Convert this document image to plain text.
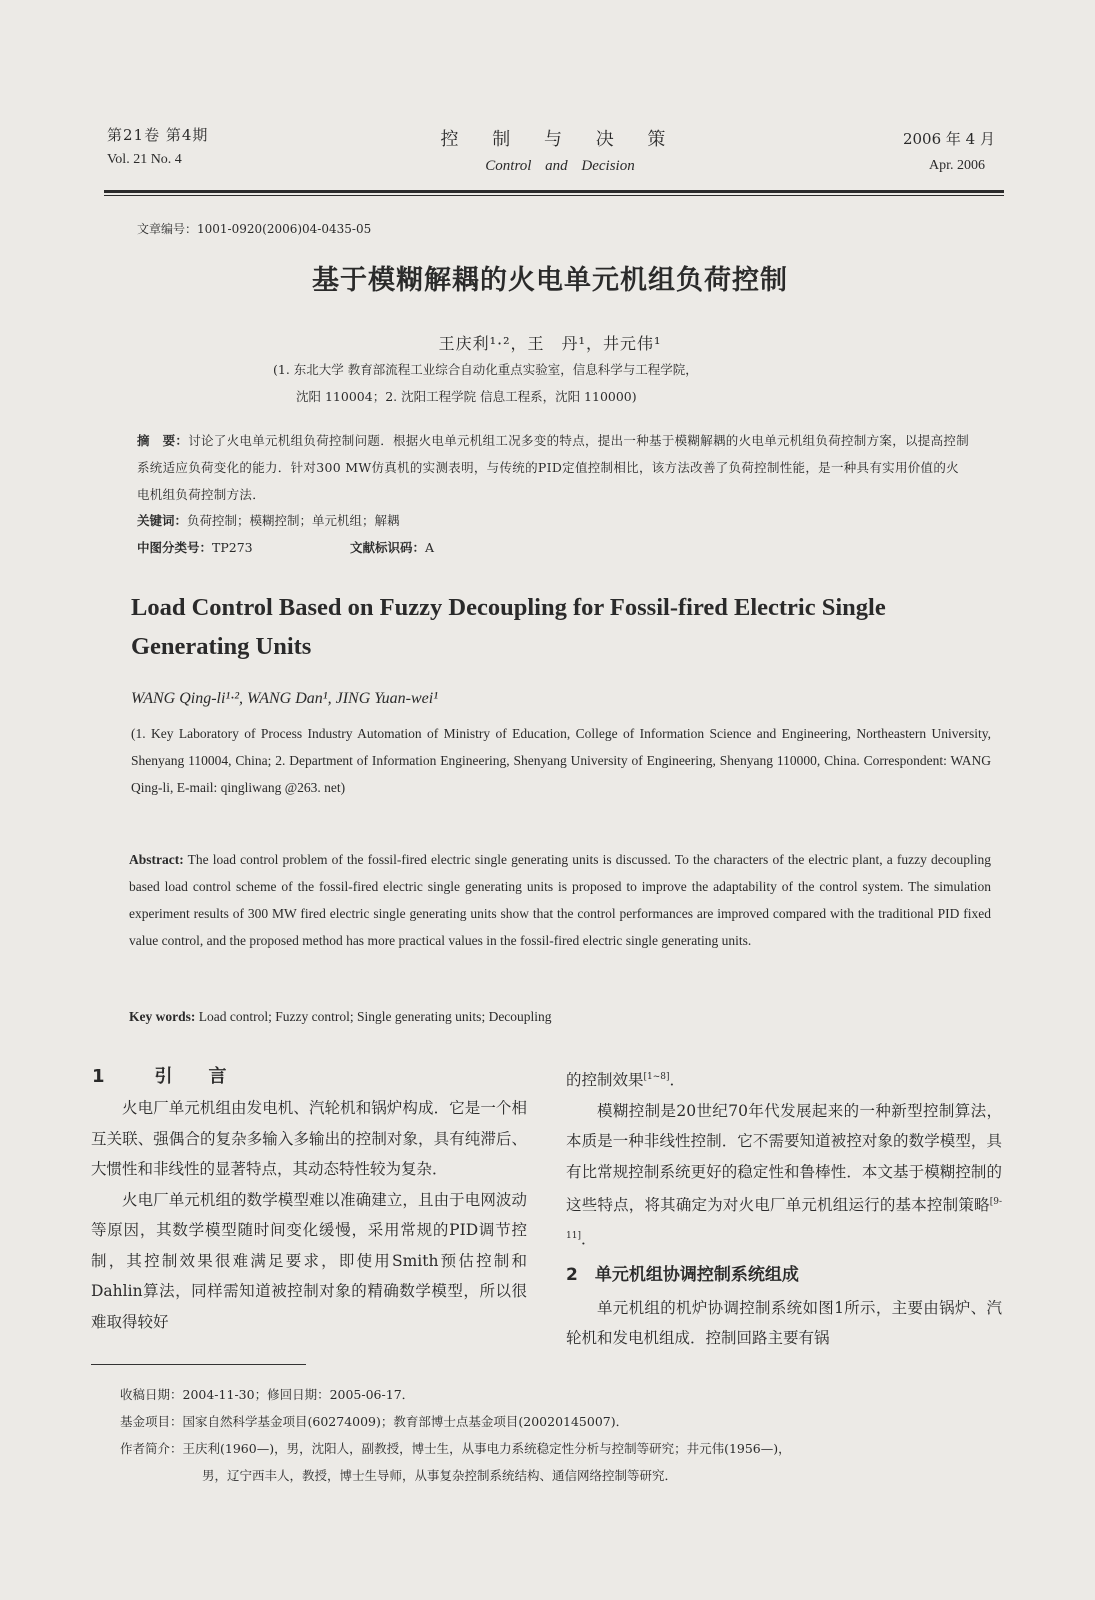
第21卷 第4期
Vol. 21 No. 4
控 制 与 决 策
Control and Decision
2006 年 4 月
Apr. 2006
文章编号：1001-0920(2006)04-0435-05
基于模糊解耦的火电单元机组负荷控制
王庆利¹·²，王　丹¹，井元伟¹
(1. 东北大学 教育部流程工业综合自动化重点实验室，信息科学与工程学院，
沈阳 110004；2. 沈阳工程学院 信息工程系，沈阳 110000)
摘　要：讨论了火电单元机组负荷控制问题．根据火电单元机组工况多变的特点，提出一种基于模糊解耦的火电单元机组负荷控制方案，以提高控制系统适应负荷变化的能力．针对300 MW仿真机的实测表明，与传统的PID定值控制相比，该方法改善了负荷控制性能，是一种具有实用价值的火电机组负荷控制方法．
关键词：负荷控制；模糊控制；单元机组；解耦
中图分类号：TP273	文献标识码：A
Load Control Based on Fuzzy Decoupling for Fossil-fired Electric Single Generating Units
WANG Qing-li¹·², WANG Dan¹, JING Yuan-wei¹
(1. Key Laboratory of Process Industry Automation of Ministry of Education, College of Information Science and Engineering, Northeastern University, Shenyang 110004, China; 2. Department of Information Engineering, Shenyang University of Engineering, Shenyang 110000, China. Correspondent: WANG Qing-li, E-mail: qingliwang @263. net)
Abstract: The load control problem of the fossil-fired electric single generating units is discussed. To the characters of the electric plant, a fuzzy decoupling based load control scheme of the fossil-fired electric single generating units is proposed to improve the adaptability of the control system. The simulation experiment results of 300 MW fired electric single generating units show that the control performances are improved compared with the traditional PID fixed value control, and the proposed method has more practical values in the fossil-fired electric single generating units.
Key words: Load control; Fuzzy control; Single generating units; Decoupling
1	引　　言

火电厂单元机组由发电机、汽轮机和锅炉构成．它是一个相互关联、强偶合的复杂多输入多输出的控制对象，具有纯滞后、大惯性和非线性的显著特点，其动态特性较为复杂．

火电厂单元机组的数学模型难以准确建立，且由于电网波动等原因，其数学模型随时间变化缓慢，采用常规的PID调节控制，其控制效果很难满足要求，即使用Smith预估控制和Dahlin算法，同样需知道被控制对象的精确数学模型，所以很难取得较好

的控制效果[1~8]．

模糊控制是20世纪70年代发展起来的一种新型控制算法，本质是一种非线性控制．它不需要知道被控对象的数学模型，具有比常规控制系统更好的稳定性和鲁棒性．本文基于模糊控制的这些特点，将其确定为对火电厂单元机组运行的基本控制策略[9-11]．

2　单元机组协调控制系统组成

单元机组的机炉协调控制系统如图1所示，主要由锅炉、汽轮机和发电机组成．控制回路主要有锅

收稿日期：2004-11-30；修回日期：2005-06-17．
基金项目：国家自然科学基金项目(60274009)；教育部博士点基金项目(20020145007)．
作者简介：王庆利(1960—)，男，沈阳人，副教授，博士生，从事电力系统稳定性分析与控制等研究；井元伟(1956—)，
男，辽宁西丰人，教授，博士生导师，从事复杂控制系统结构、通信网络控制等研究．
